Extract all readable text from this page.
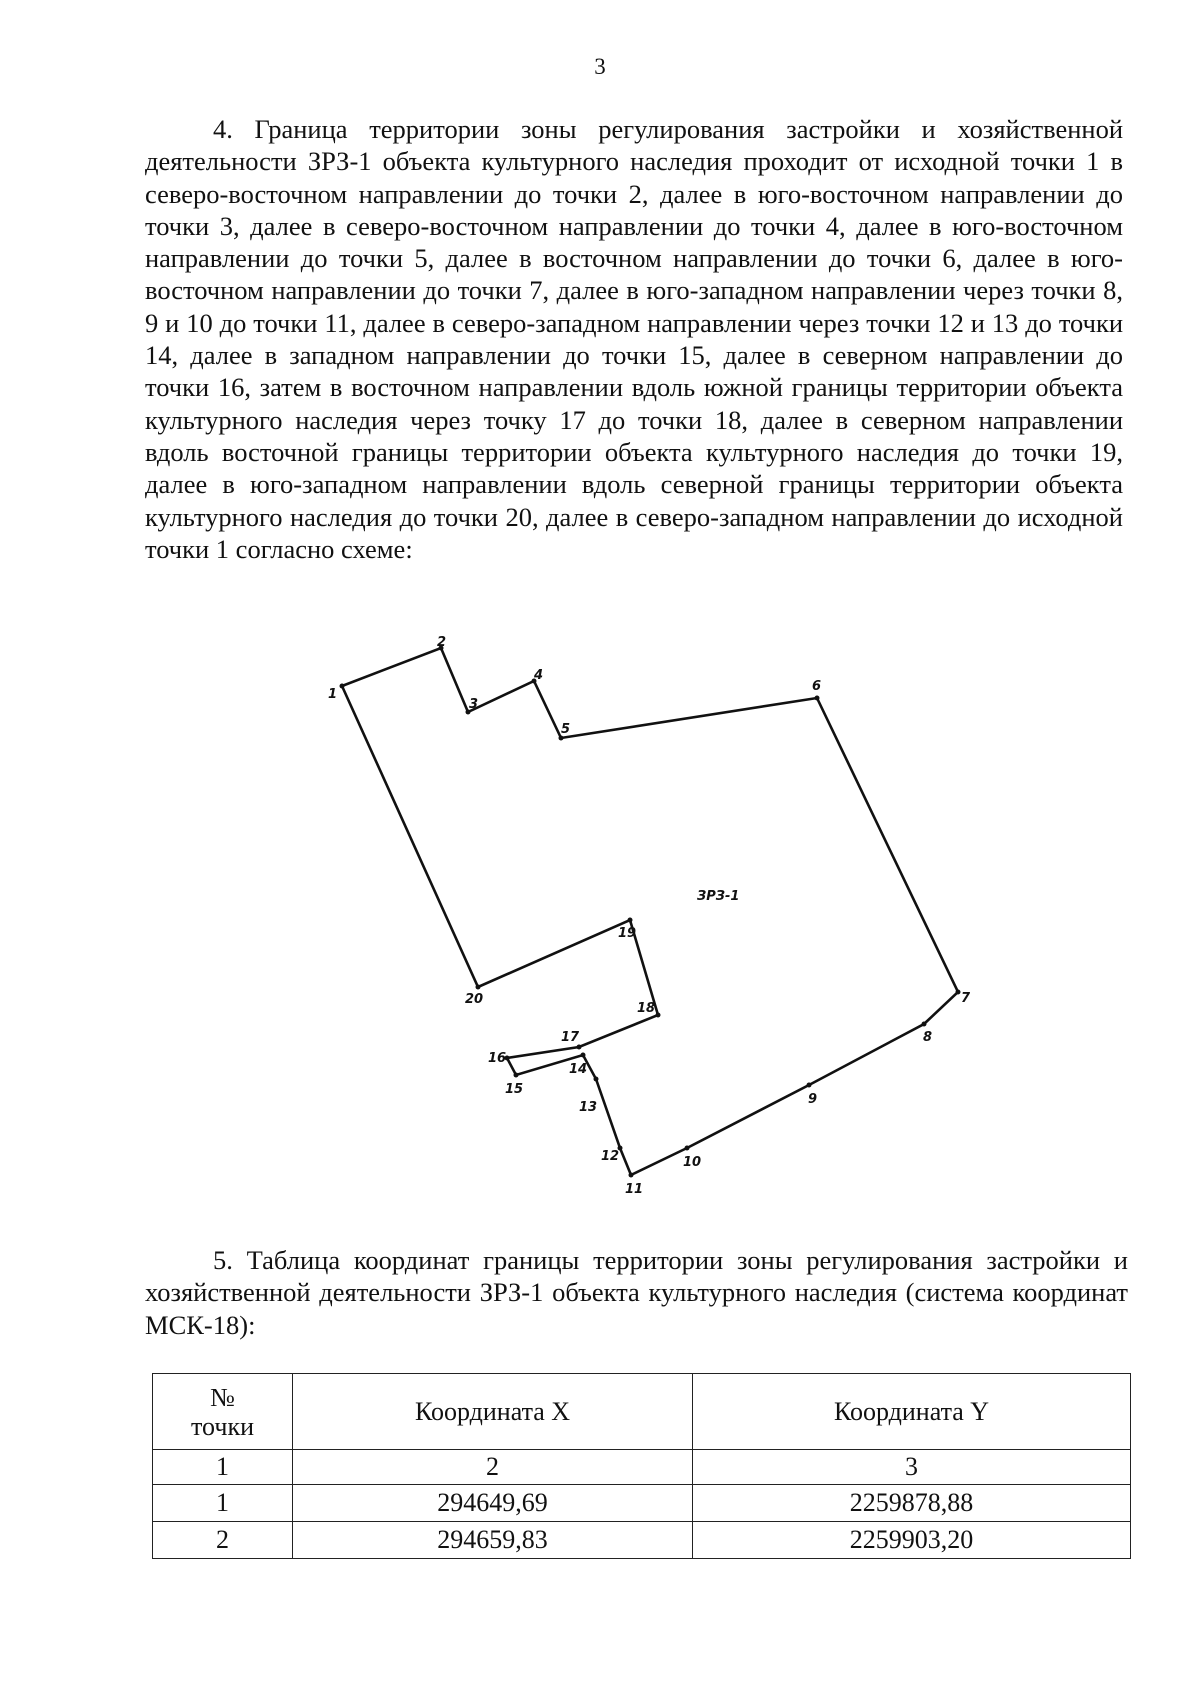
3

4. Граница территории зоны регулирования застройки и хозяйственной деятельности ЗРЗ-1 объекта культурного наследия проходит от исходной точки 1 в северо-восточном направлении до точки 2, далее в юго-восточном направлении до точки 3, далее в северо-восточном направлении до точки 4, далее в юго-восточном направлении до точки 5, далее в восточном направлении до точки 6, далее в юго-восточном направлении до точки 7, далее в юго-западном направлении через точки 8, 9 и 10 до точки 11, далее в северо-западном направлении через точки 12 и 13 до точки 14, далее в западном направлении до точки 15, далее в северном направлении до точки 16, затем в восточном направлении вдоль южной границы территории объекта культурного наследия через точку 17 до точки 18, далее в северном направлении вдоль восточной границы территории объекта культурного наследия до точки 19, далее в юго-западном направлении вдоль северной границы территории объекта культурного наследия до точки 20, далее в северо-западном направлении до исходной точки 1 согласно схеме:

1
2
3
4
5
6
7
8
9
10
11
12
13
14
15
16
17
18
19
20
ЗРЗ-1

5. Таблица координат границы территории зоны регулирования застройки и хозяйственной деятельности ЗРЗ-1 объекта культурного наследия (система координат МСК-18):

№
точки	Координата X	Координата Y
1	2	3
1	294649,69	2259878,88
2	294659,83	2259903,20
